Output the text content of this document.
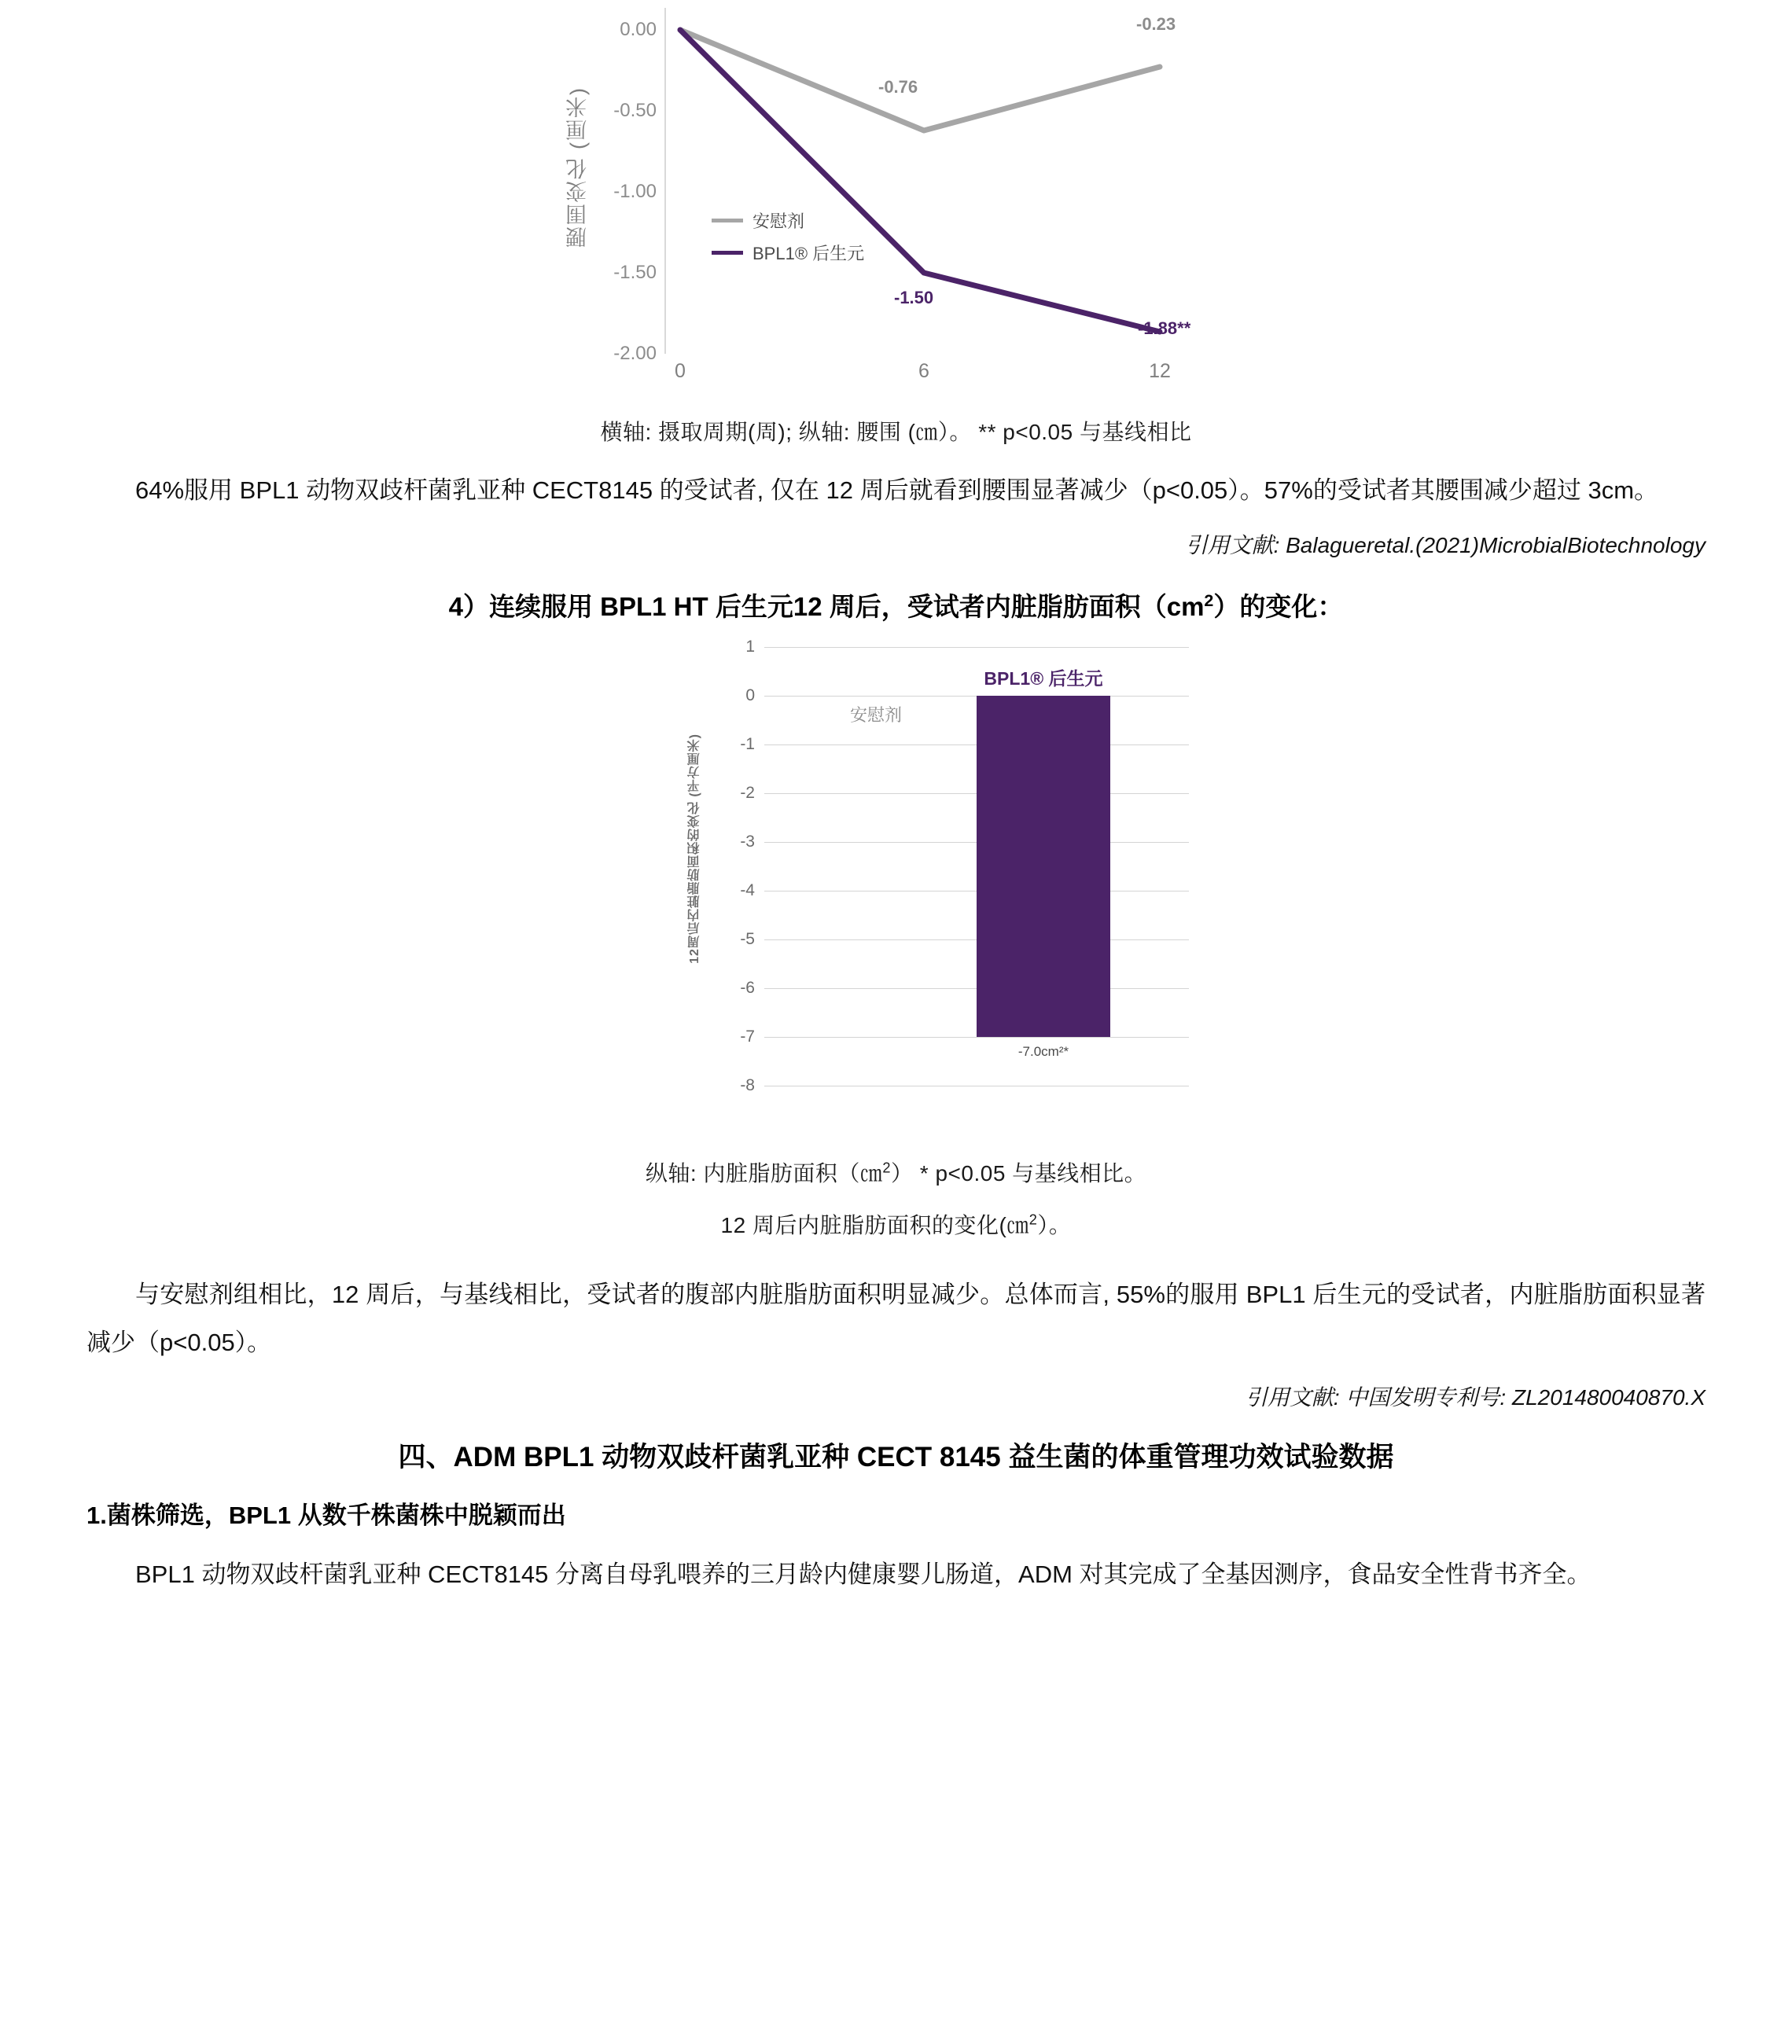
腰围变化 (厘米)
0.00
-0.50
-1.00
-1.50
-2.00
-0.76
-0.23
-1.50
-1.88**
安慰剂
BPL1® 后生元
0	6	12
横轴: 摄取周期(周); 纵轴: 腰围 (㎝）。 ** p<0.05 与基线相比

64%服用 BPL1 动物双歧杆菌乳亚种 CECT8145 的受试者, 仅在 12 周后就看到腰围显著减少（p<0.05）。57%的受试者其腰围减少超过 3cm。

引用文献: Balagueretal.(2021)MicrobialBiotechnology
4）连续服用 BPL1 HT 后生元12 周后，受试者内脏脂肪面积$(cm^2)$的变化：
12周后内脏脂肪面积的变化 (平方厘米)
1
0
-1
-2
-3
-4
-5
-6
-7
-8
安慰剂
BPL1® 后生元
-7.0cm²*
纵轴: 内脏脂肪面积（㎝$^2$） * p<0.05 与基线相比。
12 周后内脏脂肪面积的变化(㎝$^2$）。

与安慰剂组相比，12 周后，与基线相比，受试者的腹部内脏脂肪面积明显减少。总体而言, 55%的服用 BPL1 后生元的受试者，内脏脂肪面积显著减少（p<0.05）。

引用文献: 中国发明专利号: ZL201480040870.X
四、ADM BPL1 动物双歧杆菌乳亚种 CECT 8145 益生菌的体重管理功效试验数据
1.菌株筛选，BPL1 从数千株菌株中脱颖而出

BPL1 动物双歧杆菌乳亚种 CECT8145 分离自母乳喂养的三月龄内健康婴儿肠道，ADM 对其完成了全基因测序，食品安全性背书齐全。
